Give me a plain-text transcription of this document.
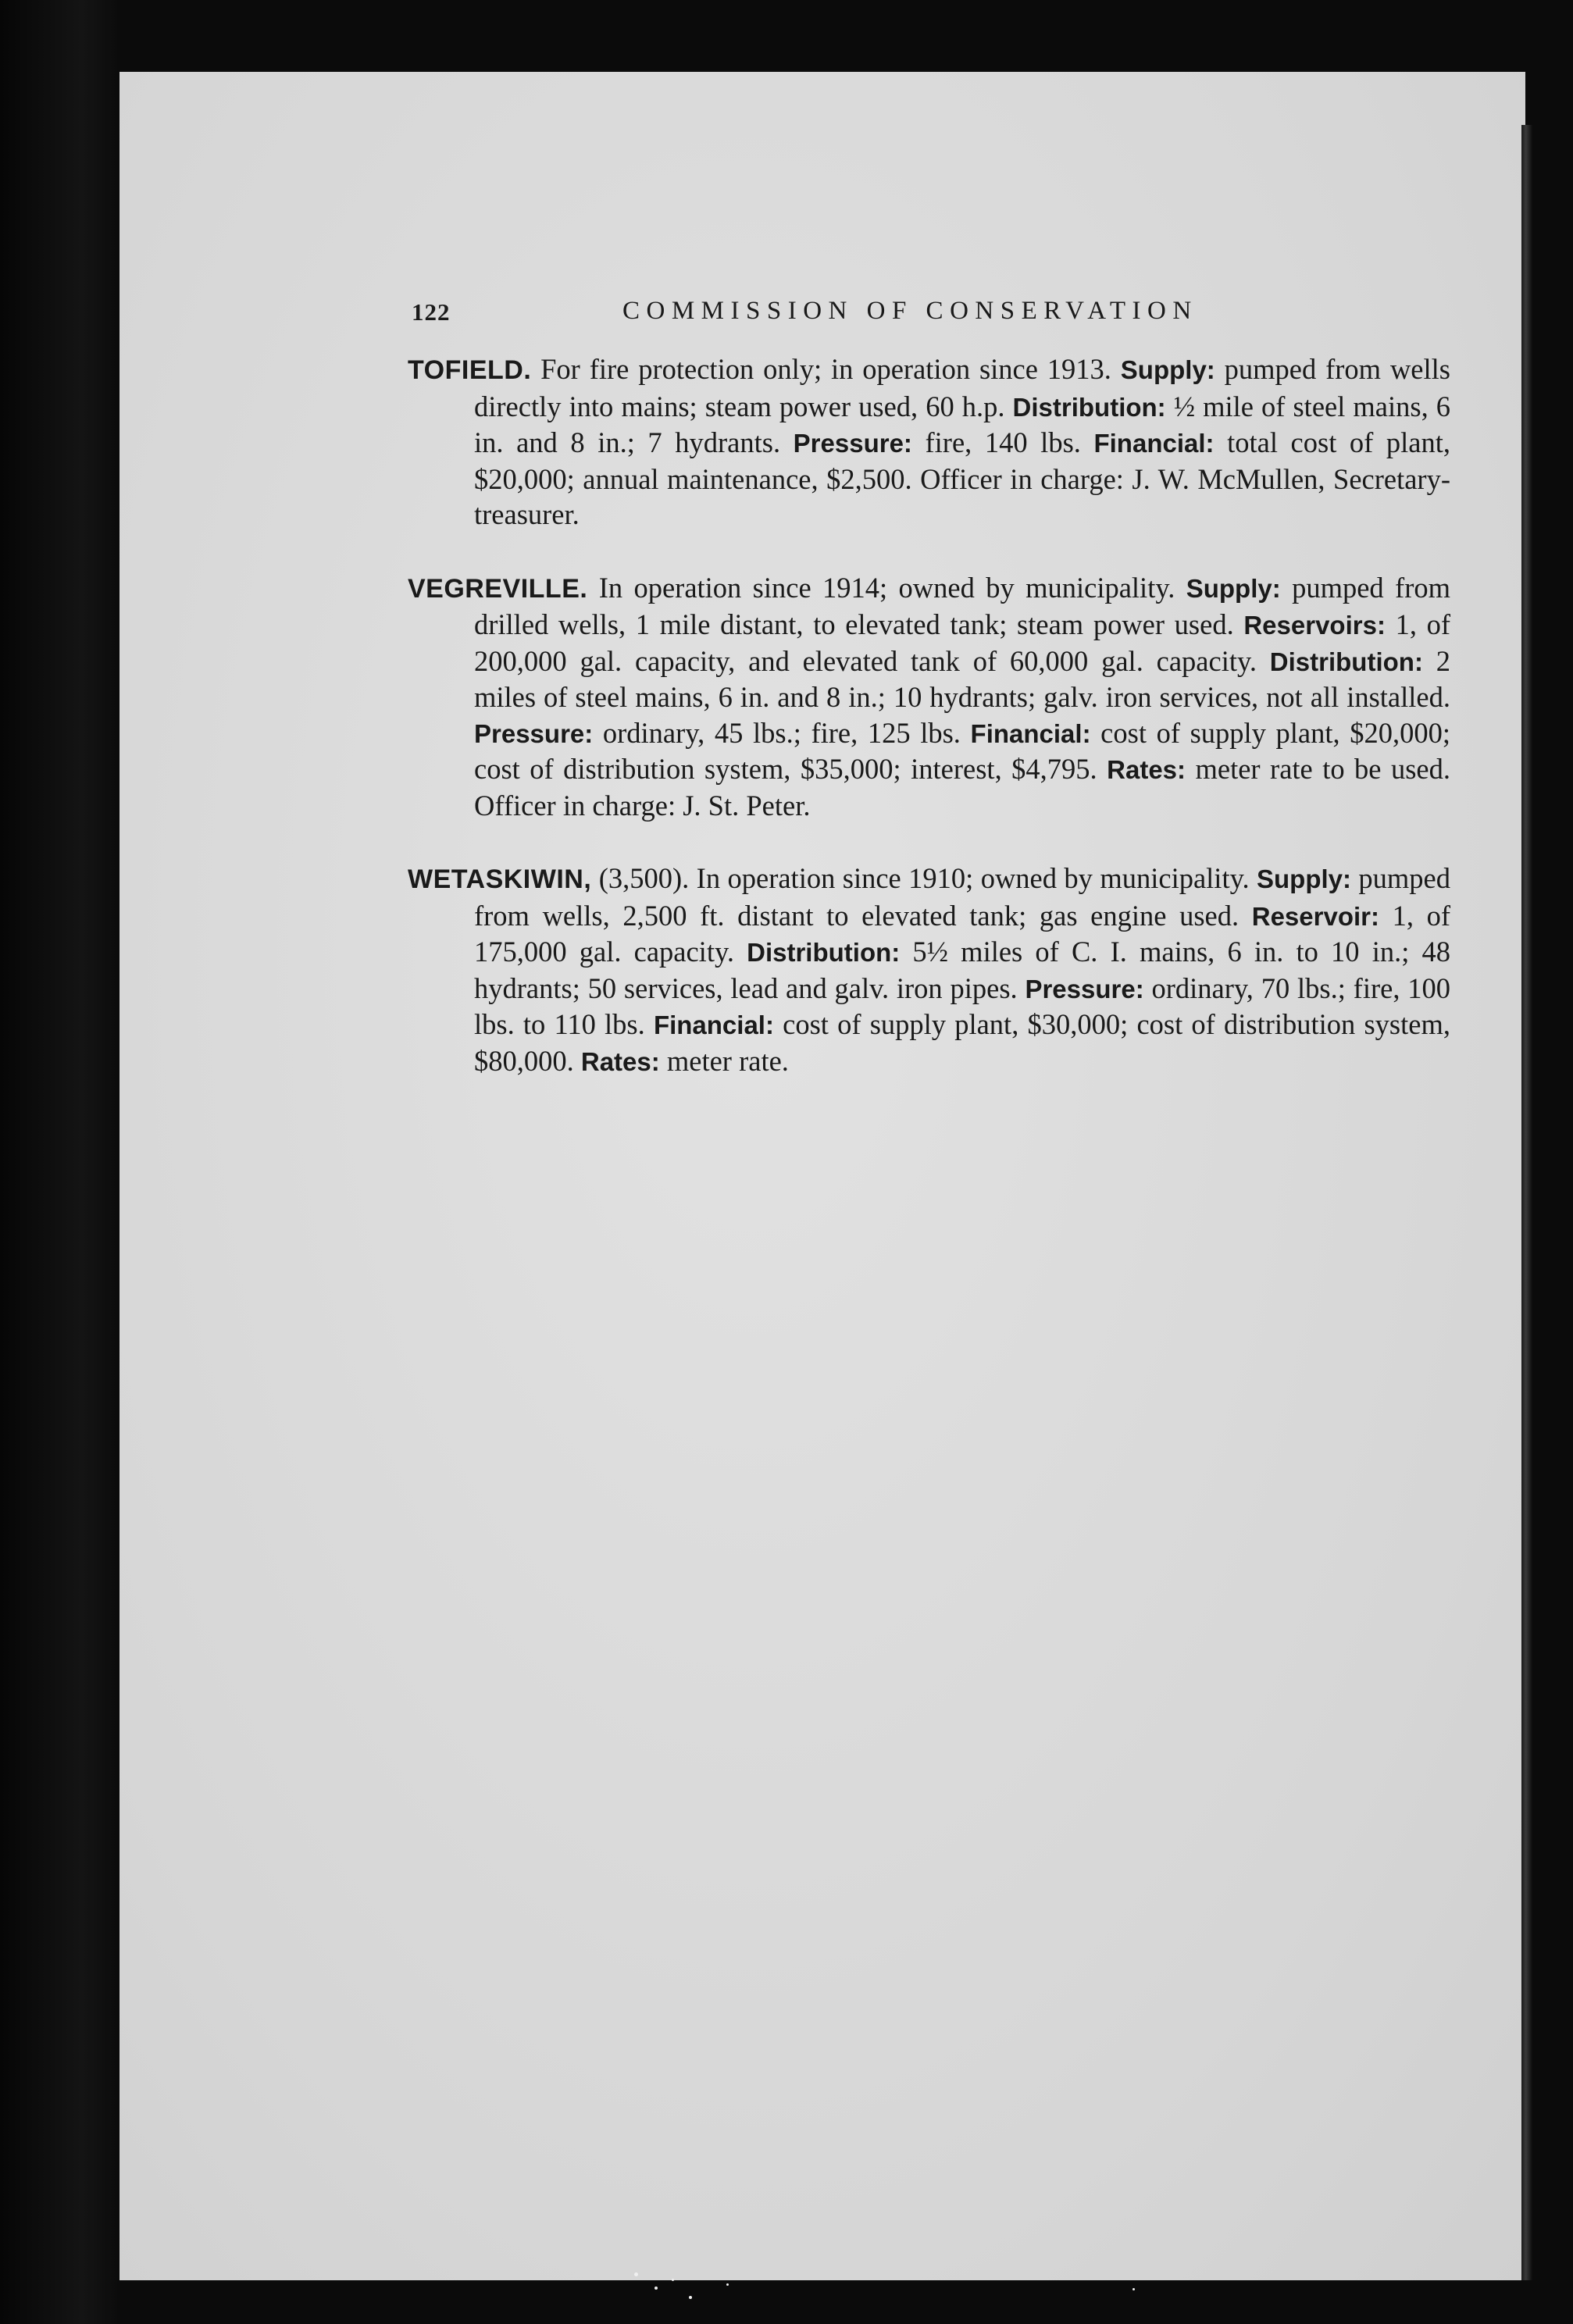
122	COMMISSION OF CONSERVATION

TOFIELD. For fire protection only; in operation since 1913. Supply: pumped from wells directly into mains; steam power used, 60 h.p. Distribution: ½ mile of steel mains, 6 in. and 8 in.; 7 hydrants. Pressure: fire, 140 lbs. Financial: total cost of plant, $20,000; annual maintenance, $2,500. Officer in charge: J. W. McMullen, Secretary-treasurer.

VEGREVILLE. In operation since 1914; owned by municipality. Supply: pumped from drilled wells, 1 mile distant, to elevated tank; steam power used. Reservoirs: 1, of 200,000 gal. capacity, and elevated tank of 60,000 gal. capacity. Distribution: 2 miles of steel mains, 6 in. and 8 in.; 10 hydrants; galv. iron services, not all installed. Pressure: ordinary, 45 lbs.; fire, 125 lbs. Financial: cost of supply plant, $20,000; cost of distribution system, $35,000; interest, $4,795. Rates: meter rate to be used. Officer in charge: J. St. Peter.

WETASKIWIN, (3,500). In operation since 1910; owned by municipality. Supply: pumped from wells, 2,500 ft. distant to elevated tank; gas engine used. Reservoir: 1, of 175,000 gal. capacity. Distribution: 5½ miles of C. I. mains, 6 in. to 10 in.; 48 hydrants; 50 services, lead and galv. iron pipes. Pressure: ordinary, 70 lbs.; fire, 100 lbs. to 110 lbs. Financial: cost of supply plant, $30,000; cost of distribution system, $80,000. Rates: meter rate.
